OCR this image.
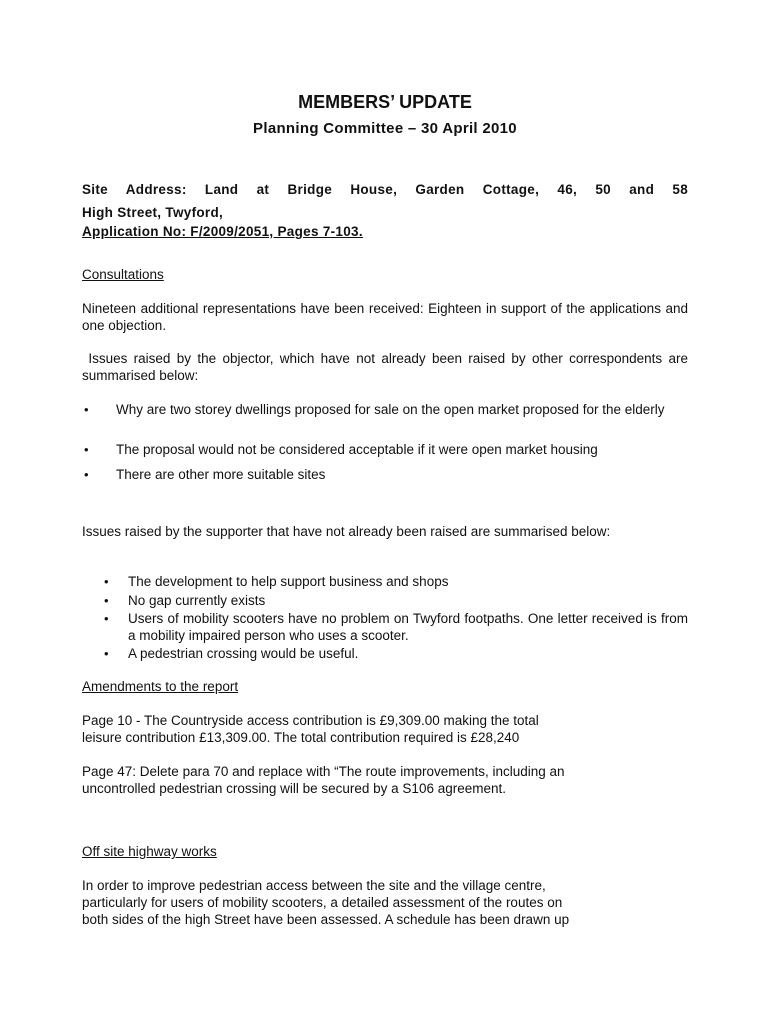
MEMBERS’ UPDATE
Planning Committee – 30 April 2010
Site Address: Land at Bridge House, Garden Cottage, 46, 50 and 58
High Street, Twyford,
Application No: F/2009/2051, Pages 7-103.
Consultations
Nineteen additional representations have been received: Eighteen in support of the applications and one objection.
Issues raised by the objector, which have not already been raised by other correspondents are summarised below:
• Why are two storey dwellings proposed for sale on the open market proposed for the elderly
• The proposal would not be considered acceptable if it were open market housing
• There are other more suitable sites
Issues raised by the supporter that have not already been raised are summarised below:
• The development to help support business and shops
• No gap currently exists
• Users of mobility scooters have no problem on Twyford footpaths. One letter received is from a mobility impaired person who uses a scooter.
• A pedestrian crossing would be useful.
Amendments to the report
Page 10 - The Countryside access contribution is £9,309.00 making the total
leisure contribution £13,309.00. The total contribution required is £28,240
Page 47: Delete para 70 and replace with “The route improvements, including an
uncontrolled pedestrian crossing will be secured by a S106 agreement.
Off site highway works
In order to improve pedestrian access between the site and the village centre,
particularly for users of mobility scooters, a detailed assessment of the routes on
both sides of the high Street have been assessed. A schedule has been drawn up
